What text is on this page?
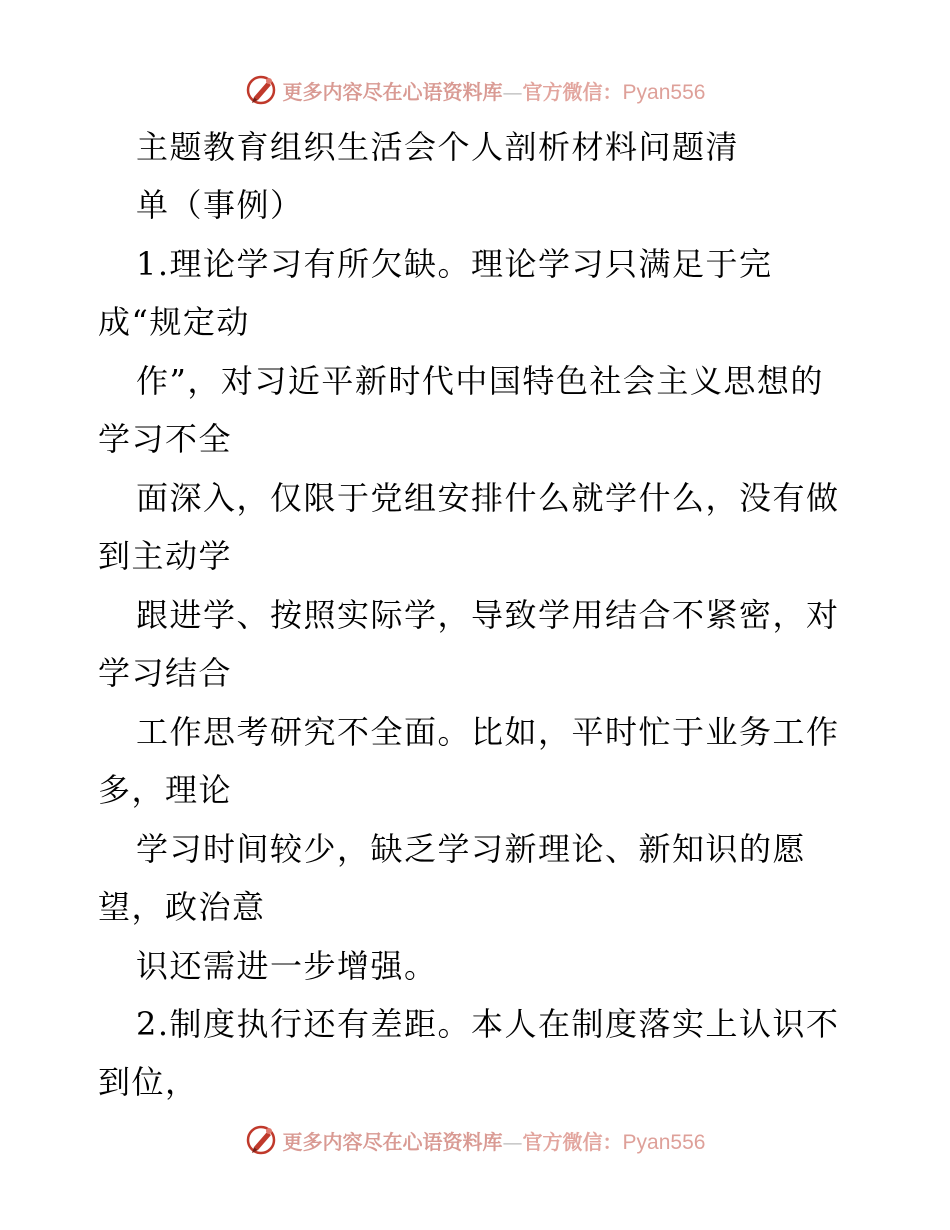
更多内容尽在心语资料库—官方微信：Pyan556
主题教育组织生活会个人剖析材料问题清
单（事例）
1.理论学习有所欠缺。理论学习只满足于完
成“规定动
作”，对习近平新时代中国特色社会主义思想的
学习不全
面深入，仅限于党组安排什么就学什么，没有做
到主动学
跟进学、按照实际学，导致学用结合不紧密，对
学习结合
工作思考研究不全面。比如，平时忙于业务工作
多，理论
学习时间较少，缺乏学习新理论、新知识的愿
望，政治意
识还需进一步增强。
2.制度执行还有差距。本人在制度落实上认识不
到位，
更多内容尽在心语资料库—官方微信：Pyan556
